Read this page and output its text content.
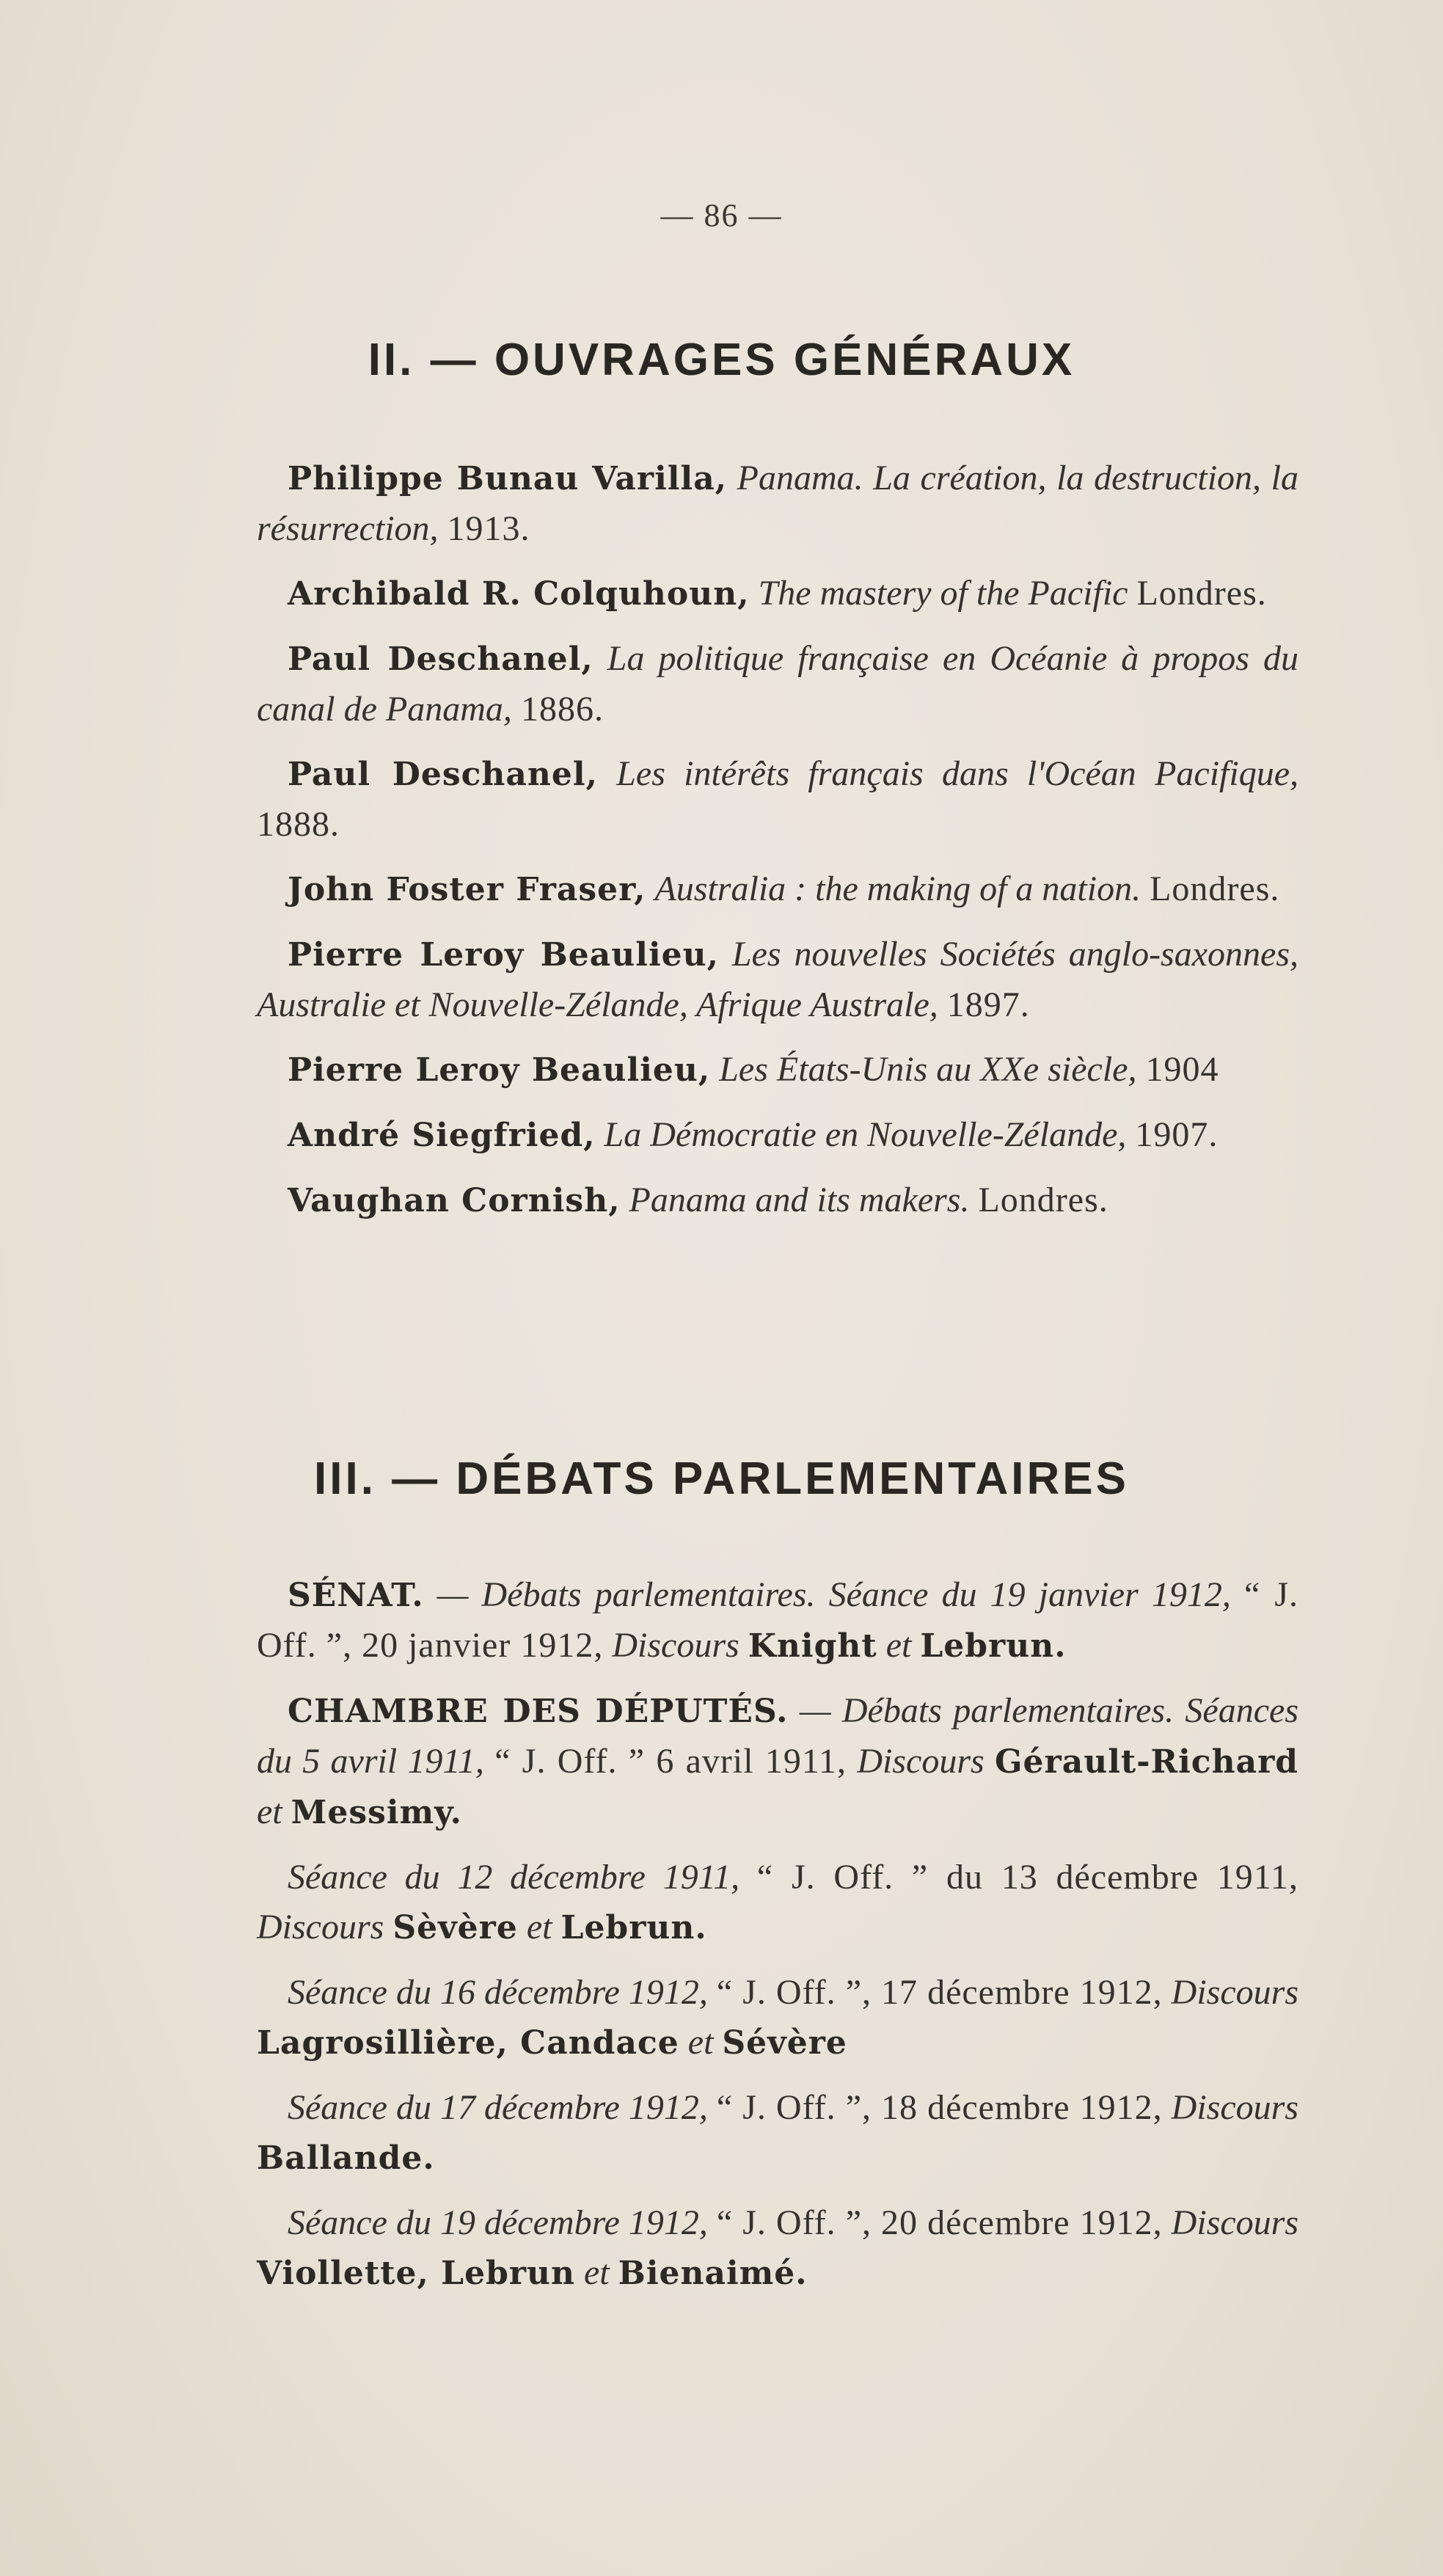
— 86 —
II. — OUVRAGES GÉNÉRAUX

Philippe Bunau Varilla, Panama. La création, la destruction, la résurrection, 1913.

Archibald R. Colquhoun, The mastery of the Pacific Londres.

Paul Deschanel, La politique française en Océanie à propos du canal de Panama, 1886.

Paul Deschanel, Les intérêts français dans l'Océan Pacifique, 1888.

John Foster Fraser, Australia : the making of a nation. Londres.

Pierre Leroy Beaulieu, Les nouvelles Sociétés anglo-saxonnes, Australie et Nouvelle-Zélande, Afrique Australe, 1897.

Pierre Leroy Beaulieu, Les États-Unis au XXe siècle, 1904

André Siegfried, La Démocratie en Nouvelle-Zélande, 1907.

Vaughan Cornish, Panama and its makers. Londres.

III. — DÉBATS PARLEMENTAIRES

SÉNAT. — Débats parlementaires. Séance du 19 janvier 1912, “ J. Off. ”, 20 janvier 1912, Discours Knight et Lebrun.

CHAMBRE DES DÉPUTÉS. — Débats parlementaires. Séances du 5 avril 1911, “ J. Off. ” 6 avril 1911, Discours Gérault-Richard et Messimy.

Séance du 12 décembre 1911, “ J. Off. ” du 13 décembre 1911, Discours Sèvère et Lebrun.

Séance du 16 décembre 1912, “ J. Off. ”, 17 décembre 1912, Discours Lagrosillière, Candace et Sévère

Séance du 17 décembre 1912, “ J. Off. ”, 18 décembre 1912, Discours Ballande.

Séance du 19 décembre 1912, “ J. Off. ”, 20 décembre 1912, Discours Viollette, Lebrun et Bienaimé.
